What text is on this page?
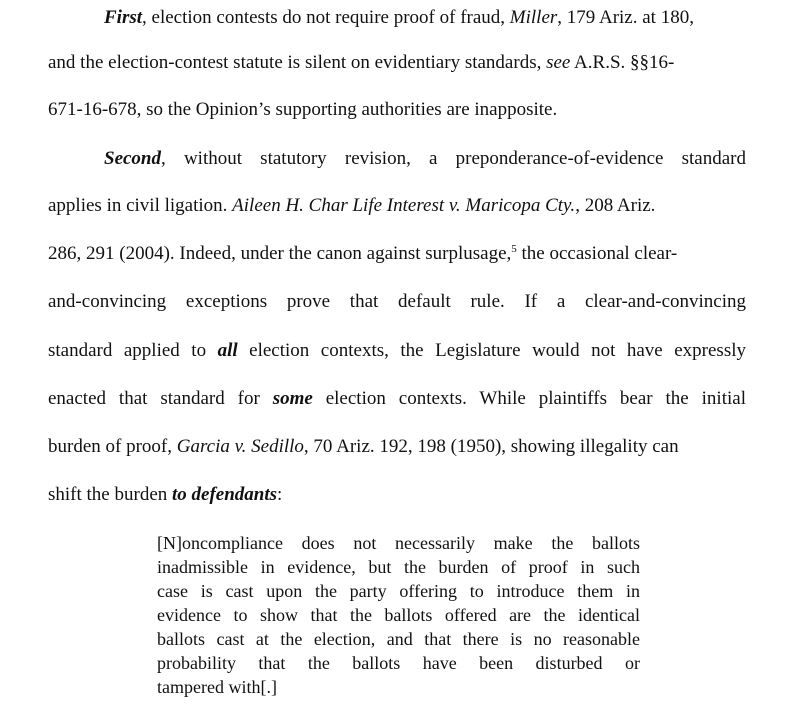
First, election contests do not require proof of fraud, Miller, 179 Ariz. at 180,
and the election-contest statute is silent on evidentiary standards, see A.R.S. §§16-
671-16-678, so the Opinion’s supporting authorities are inapposite.
Second, without statutory revision, a preponderance-of-evidence standard
applies in civil ligation. Aileen H. Char Life Interest v. Maricopa Cty., 208 Ariz.
286, 291 (2004). Indeed, under the canon against surplusage,$^5$ the occasional clear-
and-convincing exceptions prove that default rule. If a clear-and-convincing
standard applied to all election contexts, the Legislature would not have expressly
enacted that standard for some election contexts. While plaintiffs bear the initial
burden of proof, Garcia v. Sedillo, 70 Ariz. 192, 198 (1950), showing illegality can
shift the burden to defendants:
[N]oncompliance does not necessarily make the ballots
inadmissible in evidence, but the burden of proof in such
case is cast upon the party offering to introduce them in
evidence to show that the ballots offered are the identical
ballots cast at the election, and that there is no reasonable
probability that the ballots have been disturbed or
tampered with[.]
